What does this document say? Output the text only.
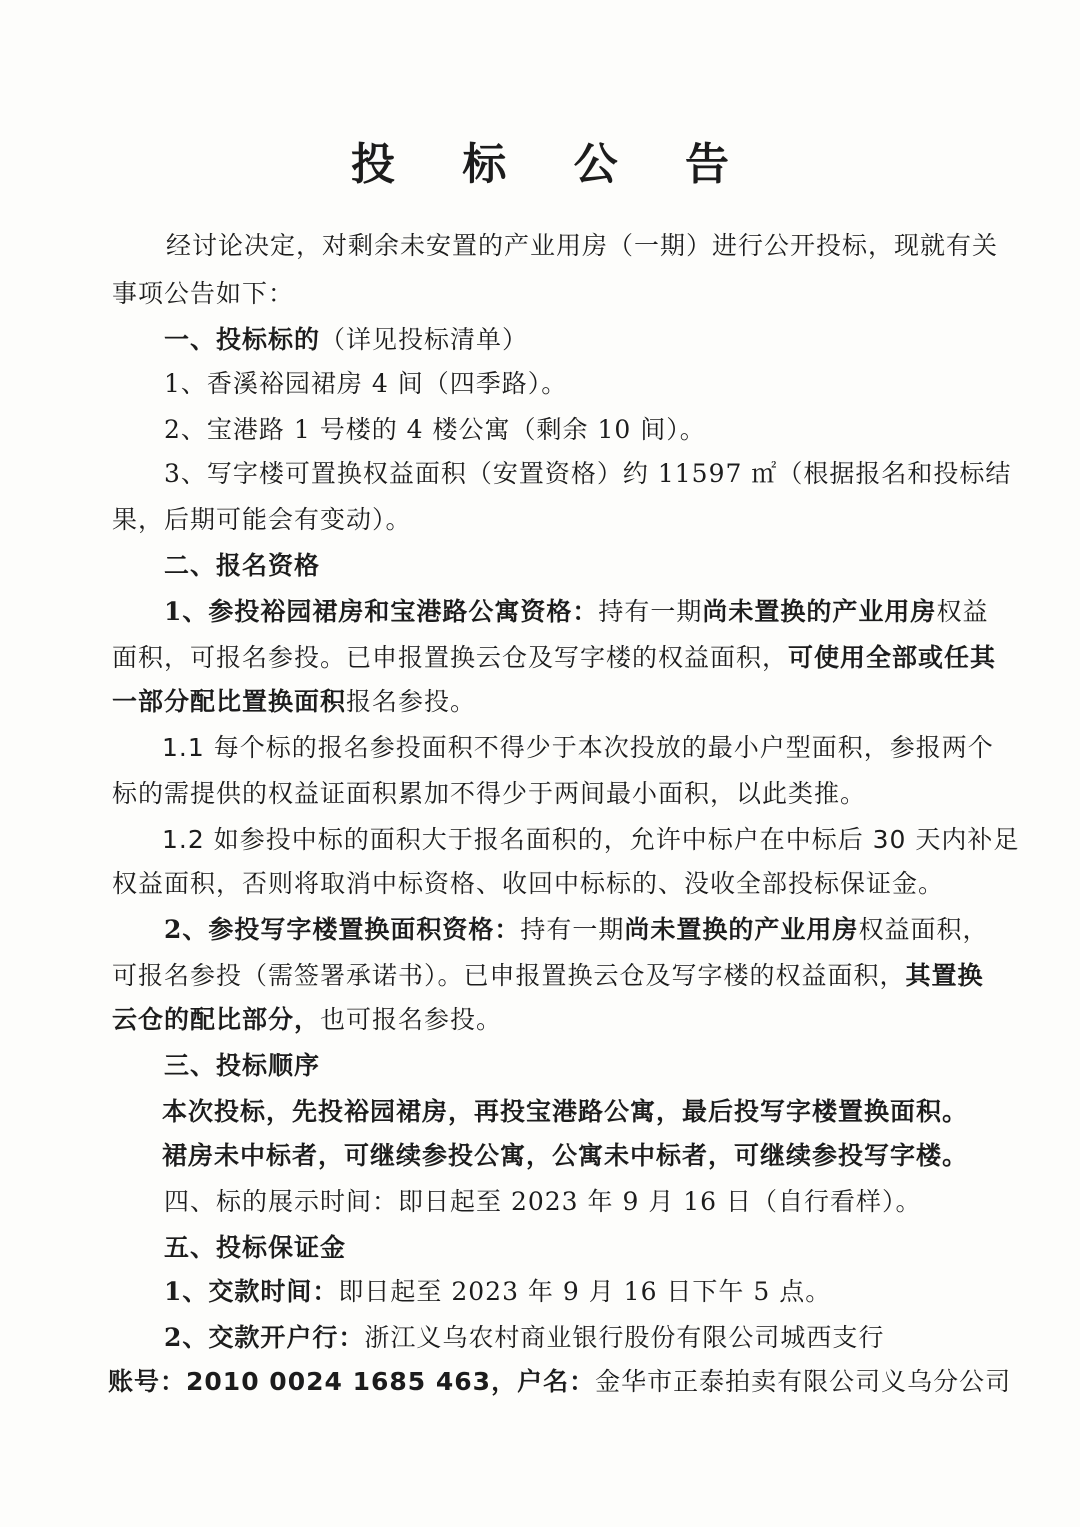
投 标 公 告
经讨论决定，对剩余未安置的产业用房（一期）进行公开投标，现就有关
事项公告如下：
一、投标标的（详见投标清单）
1、香溪裕园裙房 4 间（四季路）。
2、宝港路 1 号楼的 4 楼公寓（剩余 10 间）。
3、写字楼可置换权益面积（安置资格）约 11597 ㎡（根据报名和投标结
果，后期可能会有变动）。
二、报名资格
1、参投裕园裙房和宝港路公寓资格：持有一期尚未置换的产业用房权益
面积，可报名参投。已申报置换云仓及写字楼的权益面积，可使用全部或任其
一部分配比置换面积报名参投。
1.1 每个标的报名参投面积不得少于本次投放的最小户型面积，参报两个
标的需提供的权益证面积累加不得少于两间最小面积，以此类推。
1.2 如参投中标的面积大于报名面积的，允许中标户在中标后 30 天内补足
权益面积，否则将取消中标资格、收回中标标的、没收全部投标保证金。
2、参投写字楼置换面积资格：持有一期尚未置换的产业用房权益面积，
可报名参投（需签署承诺书）。已申报置换云仓及写字楼的权益面积，其置换
云仓的配比部分，也可报名参投。
三、投标顺序
本次投标，先投裕园裙房，再投宝港路公寓，最后投写字楼置换面积。
裙房未中标者，可继续参投公寓，公寓未中标者，可继续参投写字楼。
四、标的展示时间：即日起至 2023 年 9 月 16 日（自行看样）。
五、投标保证金
1、交款时间：即日起至 2023 年 9 月 16 日下午 5 点。
2、交款开户行：浙江义乌农村商业银行股份有限公司城西支行
账号：2010 0024 1685 463，户名：金华市正泰拍卖有限公司义乌分公司
